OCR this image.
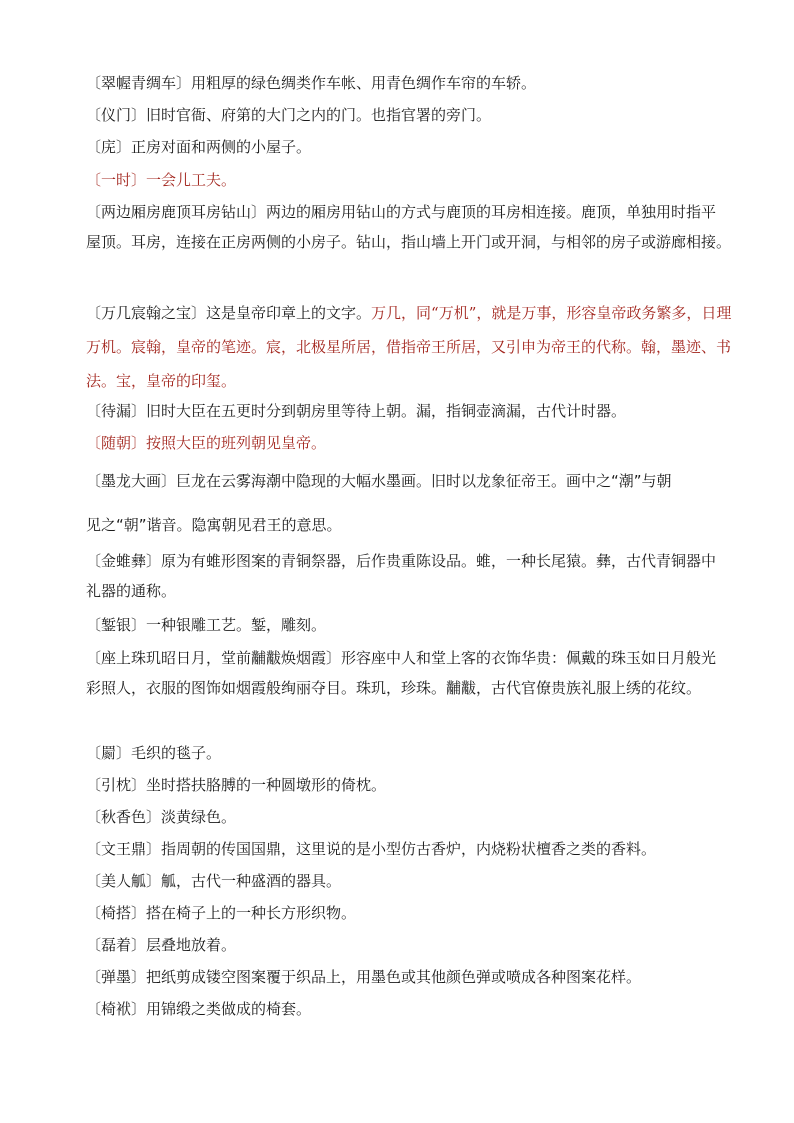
〔翠幄青绸车〕用粗厚的绿色绸类作车帐、用青色绸作车帘的车轿。
〔仪门〕旧时官衙、府第的大门之内的门。也指官署的旁门。
〔庑〕正房对面和两侧的小屋子。
〔一时〕一会儿工夫。
〔两边厢房鹿顶耳房钻山〕两边的厢房用钻山的方式与鹿顶的耳房相连接。鹿顶，单独用时指平屋顶。耳房，连接在正房两侧的小房子。钻山，指山墙上开门或开洞，与相邻的房子或游廊相接。
〔万几宸翰之宝〕这是皇帝印章上的文字。万几，同“万机”，就是万事，形容皇帝政务繁多，日理万机。宸翰，皇帝的笔迹。宸，北极星所居，借指帝王所居，又引申为帝王的代称。翰，墨迹、书法。宝，皇帝的印玺。
〔待漏〕旧时大臣在五更时分到朝房里等待上朝。漏，指铜壶滴漏，古代计时器。
〔随朝〕按照大臣的班列朝见皇帝。
〔墨龙大画〕巨龙在云雾海潮中隐现的大幅水墨画。旧时以龙象征帝王。画中之“潮”与朝
见之“朝”谐音。隐寓朝见君王的意思。
〔金蜼彝〕原为有蜼形图案的青铜祭器，后作贵重陈设品。蜼，一种长尾猿。彝，古代青铜器中礼器的通称。
〔錾银〕一种银雕工艺。錾，雕刻。
〔座上珠玑昭日月，堂前黼黻焕烟霞〕形容座中人和堂上客的衣饰华贵：佩戴的珠玉如日月般光彩照人，衣服的图饰如烟霞般绚丽夺目。珠玑，珍珠。黼黻，古代官僚贵族礼服上绣的花纹。
〔罽〕毛织的毯子。
〔引枕〕坐时搭扶胳膊的一种圆墩形的倚枕。
〔秋香色〕淡黄绿色。
〔文王鼎〕指周朝的传国国鼎，这里说的是小型仿古香炉，内烧粉状檀香之类的香料。
〔美人觚〕觚，古代一种盛酒的器具。
〔椅搭〕搭在椅子上的一种长方形织物。
〔磊着〕层叠地放着。
〔弹墨〕把纸剪成镂空图案覆于织品上，用墨色或其他颜色弹或喷成各种图案花样。
〔椅袱〕用锦缎之类做成的椅套。
